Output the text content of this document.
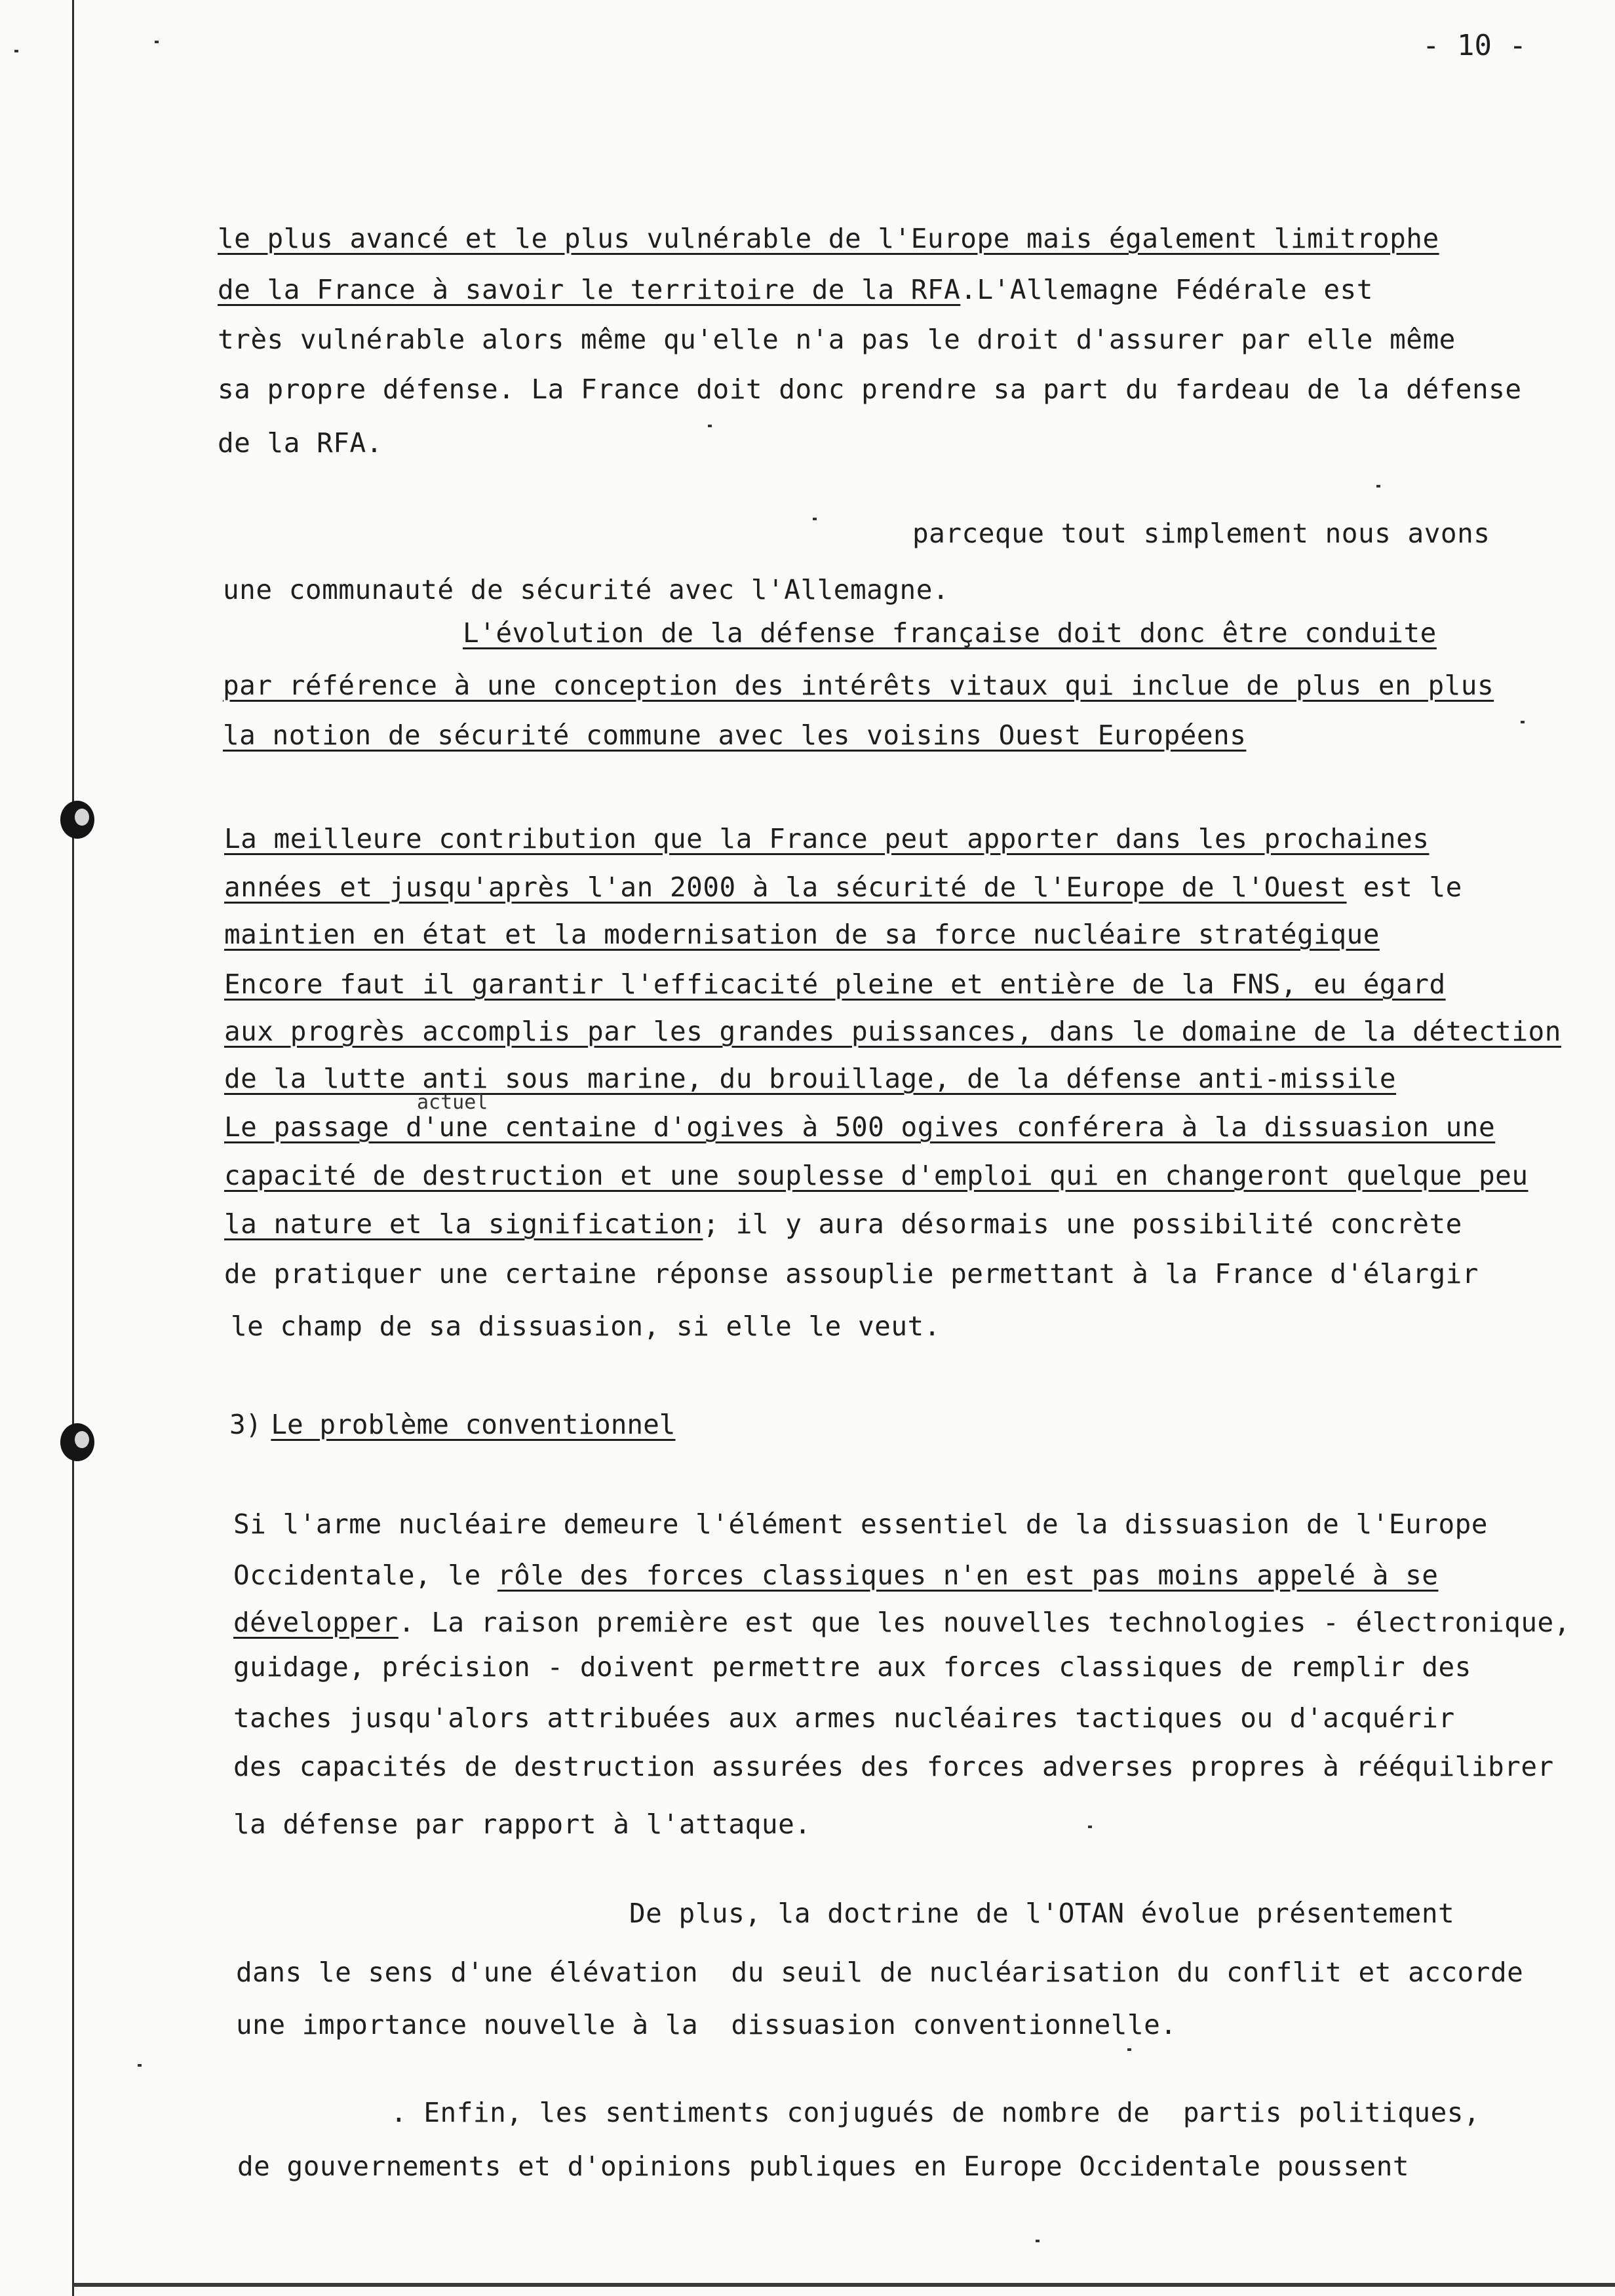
- 10 -
le plus avancé et le plus vulnérable de l'Europe mais également limitrophe
de la France à savoir le territoire de la RFA.L'Allemagne Fédérale est
très vulnérable alors même qu'elle n'a pas le droit d'assurer par elle même
sa propre défense. La France doit donc prendre sa part du fardeau de la défense
de la RFA.
parceque tout simplement nous avons
une communauté de sécurité avec l'Allemagne.
L'évolution de la défense française doit donc être conduite
par référence à une conception des intérêts vitaux qui inclue de plus en plus
la notion de sécurité commune avec les voisins Ouest Européens
La meilleure contribution que la France peut apporter dans les prochaines
années et jusqu'après l'an 2000 à la sécurité de l'Europe de l'Ouest est le
maintien en état et la modernisation de sa force nucléaire stratégique
Encore faut il garantir l'efficacité pleine et entière de la FNS, eu égard
aux progrès accomplis par les grandes puissances, dans le domaine de la détection
de la lutte anti sous marine, du brouillage, de la défense anti-missile
actuel
Le passage d'une centaine d'ogives à 500 ogives conférera à la dissuasion une
capacité de destruction et une souplesse d'emploi qui en changeront quelque peu
la nature et la signification; il y aura désormais une possibilité concrète
de pratiquer une certaine réponse assouplie permettant à la France d'élargir
le champ de sa dissuasion, si elle le veut.
3) Le problème conventionnel
Si l'arme nucléaire demeure l'élément essentiel de la dissuasion de l'Europe
Occidentale, le rôle des forces classiques n'en est pas moins appelé à se
développer. La raison première est que les nouvelles technologies - électronique,
guidage, précision - doivent permettre aux forces classiques de remplir des
taches jusqu'alors attribuées aux armes nucléaires tactiques ou d'acquérir
des capacités de destruction assurées des forces adverses propres à rééquilibrer
la défense par rapport à l'attaque.
De plus, la doctrine de l'OTAN évolue présentement
dans le sens d'une élévation  du seuil de nucléarisation du conflit et accorde
une importance nouvelle à la  dissuasion conventionnelle.
. Enfin, les sentiments conjugués de nombre de  partis politiques,
de gouvernements et d'opinions publiques en Europe Occidentale poussent
